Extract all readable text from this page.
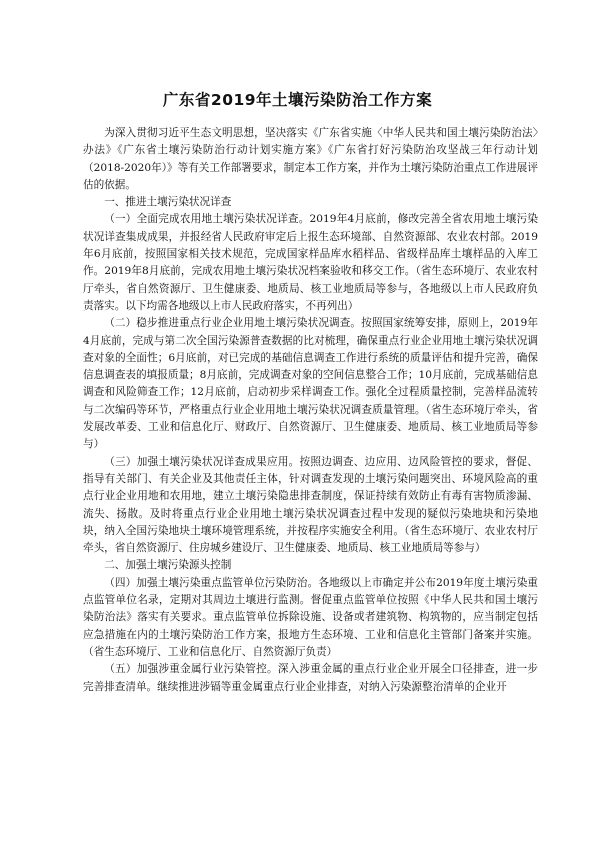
广东省2019年土壤污染防治工作方案

为深入贯彻习近平生态文明思想，坚决落实《广东省实施〈中华人民共和国土壤污染防治法〉办法》《广东省土壤污染防治行动计划实施方案》《广东省打好污染防治攻坚战三年行动计划（2018-2020年）》等有关工作部署要求，制定本工作方案，并作为土壤污染防治重点工作进展评估的依据。

一、推进土壤污染状况详查

（一）全面完成农用地土壤污染状况详查。2019年4月底前，修改完善全省农用地土壤污染状况详查集成成果，并报经省人民政府审定后上报生态环境部、自然资源部、农业农村部。2019年6月底前，按照国家相关技术规范，完成国家样品库水稻样品、省级样品库土壤样品的入库工作。2019年8月底前，完成农用地土壤污染状况档案验收和移交工作。（省生态环境厅、农业农村厅牵头，省自然资源厅、卫生健康委、地质局、核工业地质局等参与，各地级以上市人民政府负责落实。以下均需各地级以上市人民政府落实，不再列出）

（二）稳步推进重点行业企业用地土壤污染状况调查。按照国家统筹安排，原则上，2019年4月底前，完成与第二次全国污染源普查数据的比对梳理，确保重点行业企业用地土壤污染状况调查对象的全面性；6月底前，对已完成的基础信息调查工作进行系统的质量评估和提升完善，确保信息调查表的填报质量；8月底前，完成调查对象的空间信息整合工作；10月底前，完成基础信息调查和风险筛查工作；12月底前，启动初步采样调查工作。强化全过程质量控制，完善样品流转与二次编码等环节，严格重点行业企业用地土壤污染状况调查质量管理。（省生态环境厅牵头，省发展改革委、工业和信息化厅、财政厅、自然资源厅、卫生健康委、地质局、核工业地质局等参与）

（三）加强土壤污染状况详查成果应用。按照边调查、边应用、边风险管控的要求，督促、指导有关部门、有关企业及其他责任主体，针对调查发现的土壤污染问题突出、环境风险高的重点行业企业用地和农用地，建立土壤污染隐患排查制度，保证持续有效防止有毒有害物质渗漏、流失、扬散。及时将重点行业企业用地土壤污染状况调查过程中发现的疑似污染地块和污染地块，纳入全国污染地块土壤环境管理系统，并按程序实施安全利用。（省生态环境厅、农业农村厅牵头，省自然资源厅、住房城乡建设厅、卫生健康委、地质局、核工业地质局等参与）

二、加强土壤污染源头控制

（四）加强土壤污染重点监管单位污染防治。各地级以上市确定并公布2019年度土壤污染重点监管单位名录，定期对其周边土壤进行监测。督促重点监管单位按照《中华人民共和国土壤污染防治法》落实有关要求。重点监管单位拆除设施、设备或者建筑物、构筑物的，应当制定包括应急措施在内的土壤污染防治工作方案，报地方生态环境、工业和信息化主管部门备案并实施。（省生态环境厅、工业和信息化厅、自然资源厅负责）

（五）加强涉重金属行业污染管控。深入涉重金属的重点行业企业开展全口径排查，进一步完善排查清单。继续推进涉镉等重金属重点行业企业排查，对纳入污染源整治清单的企业开
